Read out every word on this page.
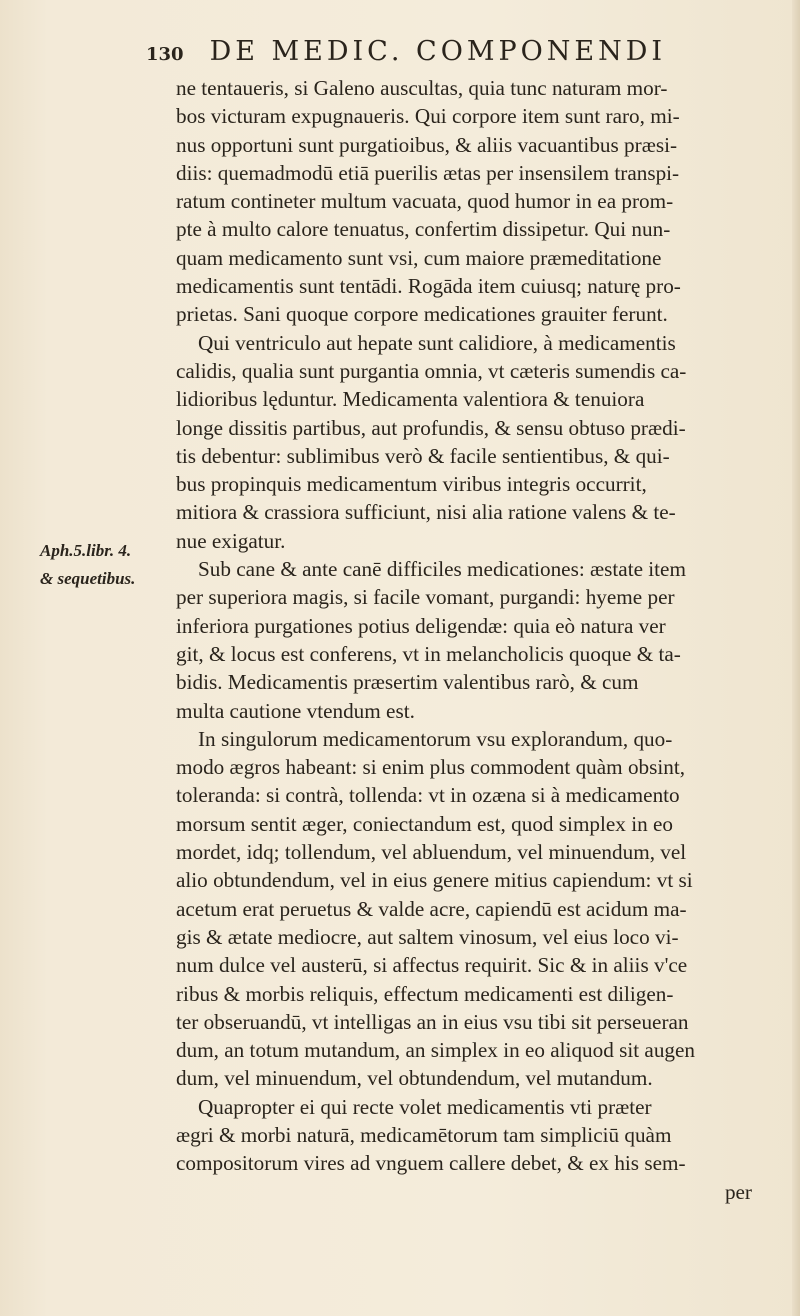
130 DE MEDIC. COMPONENDI
Aph.5.libr. 4.
& sequetibus.
ne tentaueris, si Galeno auscultas, quia tunc naturam mor-
bos victuram expugnaueris. Qui corpore item sunt raro, mi-
nus opportuni sunt purgatioibus, & aliis vacuantibus præsi-
diis: quemadmodū etiā puerilis ætas per insensilem transpi-
ratum contineter multum vacuata, quod humor in ea prom-
pte à multo calore tenuatus, confertim dissipetur. Qui nun-
quam medicamento sunt vsi, cum maiore præmeditatione
medicamentis sunt tentādi. Rogāda item cuiusq; naturę pro-
prietas. Sani quoque corpore medicationes grauiter ferunt.
Qui ventriculo aut hepate sunt calidiore, à medicamentis
calidis, qualia sunt purgantia omnia, vt cæteris sumendis ca-
lidioribus lęduntur. Medicamenta valentiora & tenuiora
longe dissitis partibus, aut profundis, & sensu obtuso prædi-
tis debentur: sublimibus verò & facile sentientibus, & qui-
bus propinquis medicamentum viribus integris occurrit,
mitiora & crassiora sufficiunt, nisi alia ratione valens & te-
nue exigatur.
Sub cane & ante canē difficiles medicationes: æstate item
per superiora magis, si facile vomant, purgandi: hyeme per
inferiora purgationes potius deligendæ: quia eò natura ver
git, & locus est conferens, vt in melancholicis quoque & ta-
bidis. Medicamentis præsertim valentibus rarò, & cum
multa cautione vtendum est.
In singulorum medicamentorum vsu explorandum, quo-
modo ægros habeant: si enim plus commodent quàm obsint,
toleranda: si contrà, tollenda: vt in ozæna si à medicamento
morsum sentit æger, coniectandum est, quod simplex in eo
mordet, idq; tollendum, vel abluendum, vel minuendum, vel
alio obtundendum, vel in eius genere mitius capiendum: vt si
acetum erat peruetus & valde acre, capiendū est acidum ma-
gis & ætate mediocre, aut saltem vinosum, vel eius loco vi-
num dulce vel austerū, si affectus requirit. Sic & in aliis v'ce
ribus & morbis reliquis, effectum medicamenti est diligen-
ter obseruandū, vt intelligas an in eius vsu tibi sit perseueran
dum, an totum mutandum, an simplex in eo aliquod sit augen
dum, vel minuendum, vel obtundendum, vel mutandum.
Quapropter ei qui recte volet medicamentis vti præter
ægri & morbi naturā, medicamētorum tam simpliciū quàm
compositorum vires ad vnguem callere debet, & ex his sem-
per
